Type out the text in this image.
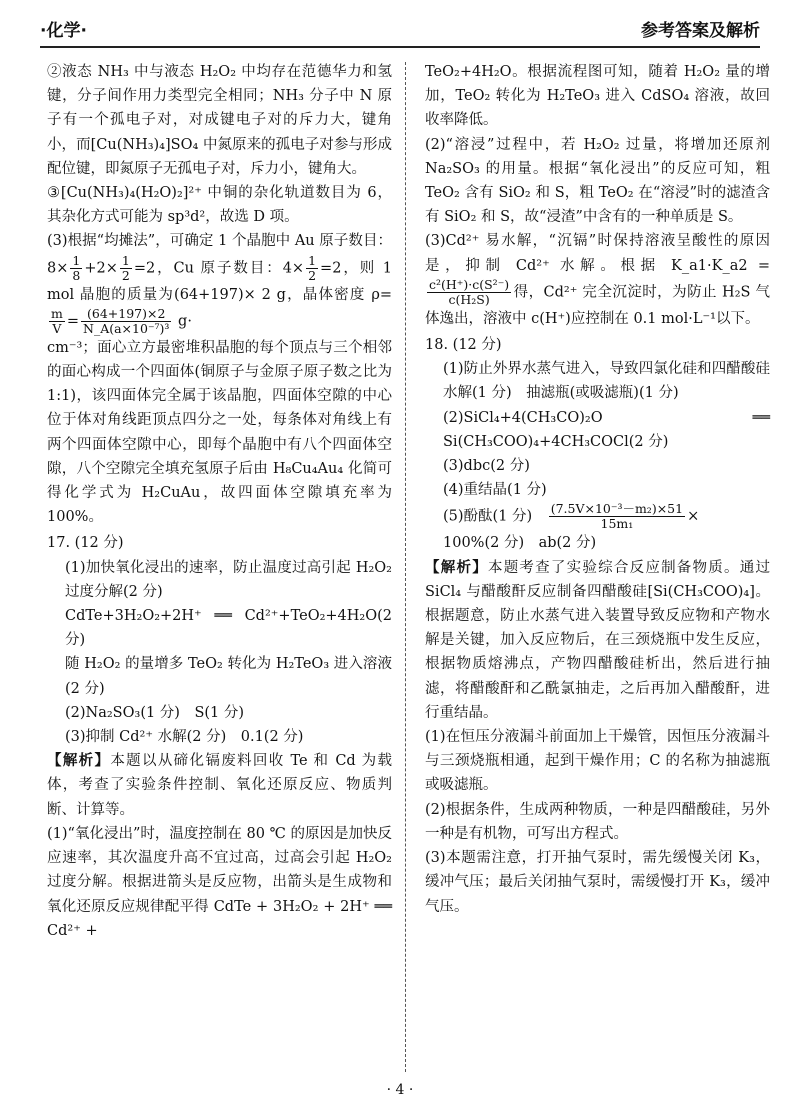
·化学·	参考答案及解析

②液态 NH₃ 中与液态 H₂O₂ 中均存在范德华力和氢键，分子间作用力类型完全相同；NH₃ 分子中 N 原子有一个孤电子对，对成键电子对的斥力大，键角小，而[Cu(NH₃)₄]SO₄ 中氮原来的孤电子对参与形成配位键，即氮原子无孤电子对，斥力小，键角大。

③[Cu(NH₃)₄(H₂O)₂]²⁺ 中铜的杂化轨道数目为 6，其杂化方式可能为 sp³d²，故选 D 项。

(3)根据“均摊法”，可确定 1 个晶胞中 Au 原子数目：$8\times \frac{1}{8} +2\times \frac{1}{2} =2$，Cu 原子数目：$4\times \frac{1}{2} =2$，则 1 mol 晶胞的质量为(64+197)× 2 g，晶体密度 ρ=
$\frac{m}{V} = \frac{(64+197)\times 2}{\text{N\_A(a×10⁻⁷)³}} g\cdot$

cm⁻³；面心立方最密堆积晶胞的每个顶点与三个相邻的面心构成一个四面体(铜原子与金原子原子数之比为 1:1)，该四面体完全属于该晶胞，四面体空隙的中心位于体对角线距顶点四分之一处，每条体对角线上有两个四面体空隙中心，即每个晶胞中有八个四面体空隙，八个空隙完全填充氢原子后由 H₈Cu₄Au₄ 化简可得化学式为 H₂CuAu，故四面体空隙填充率为 100%。

17. (12 分)

(1)加快氧化浸出的速率，防止温度过高引起 H₂O₂ 过度分解(2 分)

CdTe+3H₂O₂+2H⁺ ══ Cd²⁺+TeO₂+4H₂O(2 分)

随 H₂O₂ 的量增多 TeO₂ 转化为 H₂TeO₃ 进入溶液(2 分)

(2)Na₂SO₃(1 分)　S(1 分)

(3)抑制 Cd²⁺ 水解(2 分)　0.1(2 分)

【解析】本题以从碲化镉废料回收 Te 和 Cd 为载体，考查了实验条件控制、氧化还原反应、物质判断、计算等。

(1)“氧化浸出”时，温度控制在 80 ℃ 的原因是加快反应速率，其次温度升高不宜过高，过高会引起 H₂O₂ 过度分解。根据进箭头是反应物，出箭头是生成物和氧化还原反应规律配平得 CdTe + 3H₂O₂ + 2H⁺ ══ Cd²⁺ +

TeO₂+4H₂O。根据流程图可知，随着 H₂O₂ 量的增加，TeO₂ 转化为 H₂TeO₃ 进入 CdSO₄ 溶液，故回收率降低。

(2)“溶浸”过程中，若 H₂O₂ 过量，将增加还原剂 Na₂SO₃ 的用量。根据“氧化浸出”的反应可知，粗 TeO₂ 含有 SiO₂ 和 S，粗 TeO₂ 在“溶浸”时的滤渣含有 SiO₂ 和 S，故“浸渣”中含有的一种单质是 S。

(3)Cd²⁺ 易水解，“沉镉”时保持溶液呈酸性的原因是，抑制 Cd²⁺ 水解。根据 K_a1·K_a2 =
$\frac{\text{c²(H⁺)·c(S²⁻)}}{\text{c(H₂S)}}$ 得，Cd²⁺ 完全沉淀时，为防止 H₂S 气体逸出，溶液中 c(H⁺)应控制在 0.1 mol·L⁻¹以下。

18. (12 分)

(1)防止外界水蒸气进入，导致四氯化硅和四醋酸硅水解(1 分)　抽滤瓶(或吸滤瓶)(1 分)

(2)SiCl₄+4(CH₃CO)₂O ══ Si(CH₃COO)₄+4CH₃COCl(2 分)

(3)dbc(2 分)

(4)重结晶(1 分)

(5)酚酞(1 分)　 $\frac{\text{(7.5V×10⁻³－m₂)×51}}{\text{15m₁}}$ ×

100%(2 分)　ab(2 分)

【解析】本题考查了实验综合反应制备物质。通过 SiCl₄ 与醋酸酐反应制备四醋酸硅[Si(CH₃COO)₄]。根据题意，防止水蒸气进入装置导致反应物和产物水解是关键，加入反应物后，在三颈烧瓶中发生反应，根据物质熔沸点，产物四醋酸硅析出，然后进行抽滤，将醋酸酐和乙酰氯抽走，之后再加入醋酸酐，进行重结晶。

(1)在恒压分液漏斗前面加上干燥管，因恒压分液漏斗与三颈烧瓶相通，起到干燥作用；C 的名称为抽滤瓶或吸滤瓶。

(2)根据条件，生成两种物质，一种是四醋酸硅，另外一种是有机物，可写出方程式。

(3)本题需注意，打开抽气泵时，需先缓慢关闭 K₃，缓冲气压；最后关闭抽气泵时，需缓慢打开 K₃，缓冲气压。

· 4 ·
